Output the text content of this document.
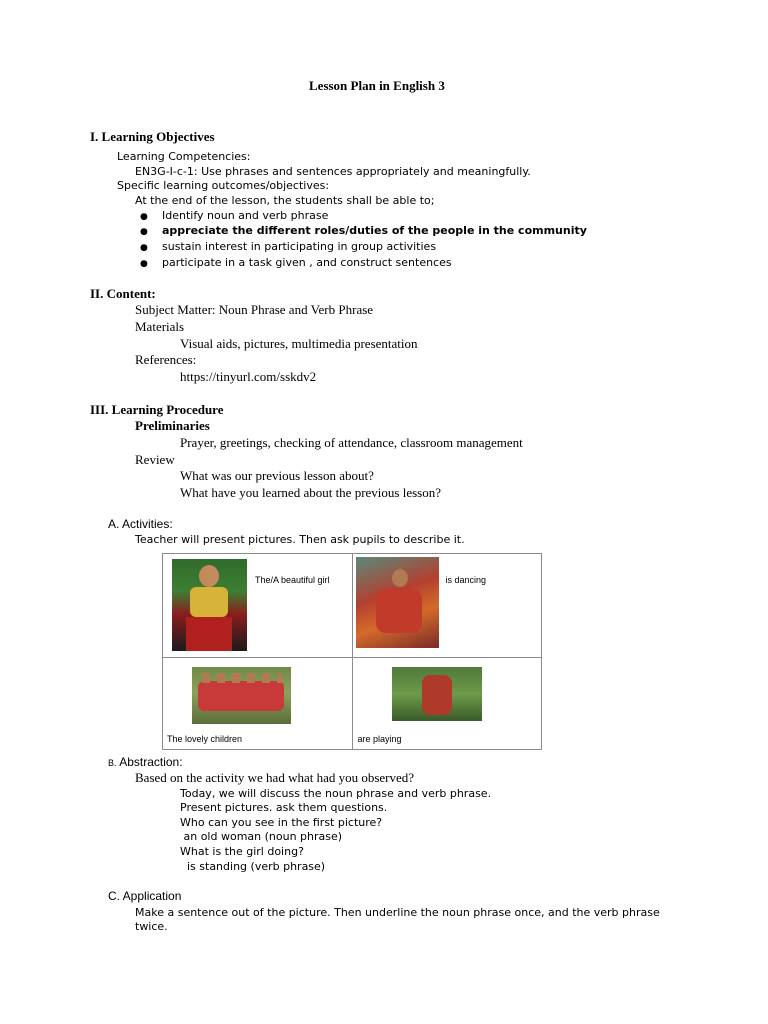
Lesson Plan in English 3
I. Learning Objectives
Learning Competencies:
EN3G-I-c-1: Use phrases and sentences appropriately and meaningfully.
Specific learning outcomes/objectives:
At the end of the lesson, the students shall be able to;
● Identify noun and verb phrase
● appreciate the different roles/duties of the people in the community
● sustain interest in participating in group activities
● participate in a task given , and construct sentences
II. Content:
Subject Matter: Noun Phrase and Verb Phrase
Materials
Visual aids, pictures, multimedia presentation
References:
https://tinyurl.com/sskdv2
III. Learning Procedure
Preliminaries
Prayer, greetings, checking of attendance, classroom management
Review
What was our previous lesson about?
What have you learned about the previous lesson?
A. Activities:
Teacher will present pictures. Then ask pupils to describe it.
The/A beautiful girl	is dancing

The lovely children	are playing
B. Abstraction:
Based on the activity we had what had you observed?
Today, we will discuss the noun phrase and verb phrase.
Present pictures. ask them questions.
Who can you see in the first picture?
an old woman (noun phrase)
What is the girl doing?
is standing (verb phrase)
C. Application
Make a sentence out of the picture. Then underline the noun phrase once, and the verb phrase
twice.
